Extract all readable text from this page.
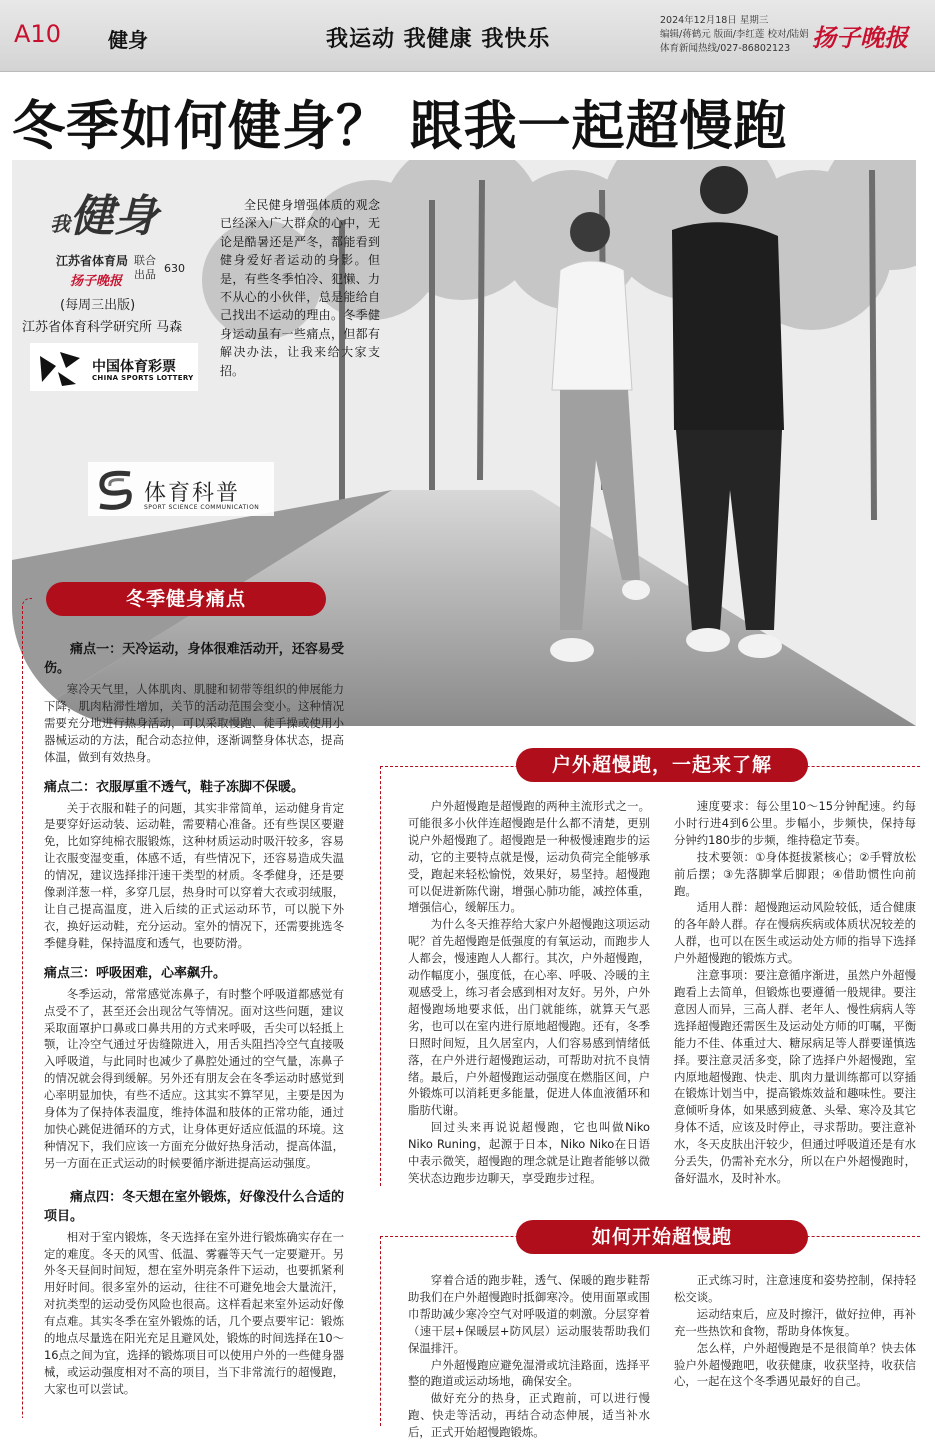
A10 健身	我运动 我健康 我快乐
2024年12月18日 星期三
编辑/蒋鹤元 版面/李红莲 校对/陆娟
体育新闻热线/027-86802123 扬子晚报
冬季如何健身？ 跟我一起超慢跑
我健身
江苏省体育局
扬子晚报
联合出品 630
(每周三出版)
江苏省体育科学研究所 马森
中国体育彩票
CHINA SPORTS LOTTERY
全民健身增强体质的观念已经深入广大群众的心中，无论是酷暑还是严冬，都能看到健身爱好者运动的身影。但是，有些冬季怕冷、犯懒、力不从心的小伙伴，总是能给自己找出不运动的理由。冬季健身运动虽有一些痛点，但都有解决办法，让我来给大家支招。
体育科普
SPORT SCIENCE COMMUNICATION
冬季健身痛点
痛点一：天冷运动，身体很难活动开，还容易受伤。

寒冷天气里，人体肌肉、肌腱和韧带等组织的伸展能力下降，肌肉粘滞性增加，关节的活动范围会变小。这种情况需要充分地进行热身活动，可以采取慢跑、徒手操或使用小器械运动的方法，配合动态拉伸，逐渐调整身体状态，提高体温，做到有效热身。

痛点二：衣服厚重不透气，鞋子冻脚不保暖。

关于衣服和鞋子的问题，其实非常简单，运动健身肯定是要穿好运动装、运动鞋，需要精心准备。还有些误区要避免，比如穿纯棉衣服锻炼，这种材质运动时吸汗较多，容易让衣服变湿变重，体感不适，有些情况下，还容易造成失温的情况，建议选择排汗速干类型的材质。冬季健身，还是要像剥洋葱一样，多穿几层，热身时可以穿着大衣或羽绒服，让自己提高温度，进入后续的正式运动环节，可以脱下外衣，换好运动鞋，充分运动。室外的情况下，还需要挑选冬季健身鞋，保持温度和透气，也要防滑。

痛点三：呼吸困难，心率飙升。

冬季运动，常常感觉冻鼻子，有时整个呼吸道都感觉有点受不了，甚至还会出现岔气等情况。面对这些问题，建议采取面罩护口鼻或口鼻共用的方式来呼吸，舌尖可以轻抵上颚，让冷空气通过牙齿缝隙进入，用舌头阻挡冷空气直接吸入呼吸道，与此同时也减少了鼻腔处通过的空气量，冻鼻子的情况就会得到缓解。另外还有朋友会在冬季运动时感觉到心率明显加快，有些不适应。这其实不算罕见，主要是因为身体为了保持体表温度，维持体温和肢体的正常功能，通过加快心跳促进循环的方式，让身体更好适应低温的环境。这种情况下，我们应该一方面充分做好热身活动，提高体温，另一方面在正式运动的时候要循序渐进提高运动强度。

痛点四：冬天想在室外锻炼，好像没什么合适的项目。

相对于室内锻炼，冬天选择在室外进行锻炼确实存在一定的难度。冬天的风雪、低温、雾霾等天气一定要避开。另外冬天昼间时间短，想在室外明亮条件下运动，也要抓紧利用好时间。很多室外的运动，往往不可避免地会大量流汗，对抗类型的运动受伤风险也很高。这样看起来室外运动好像有点难。其实冬季在室外锻炼的话，几个要点要牢记：锻炼的地点尽量选在阳光充足且避风处，锻炼的时间选择在10～16点之间为宜，选择的锻炼项目可以使用户外的一些健身器械，或运动强度相对不高的项目，当下非常流行的超慢跑，大家也可以尝试。

户外超慢跑，一起来了解

户外超慢跑是超慢跑的两种主流形式之一。可能很多小伙伴连超慢跑是什么都不清楚，更别说户外超慢跑了。超慢跑是一种极慢速跑步的运动，它的主要特点就是慢，运动负荷完全能够承受，跑起来轻松愉悦，效果好，易坚持。超慢跑可以促进新陈代谢，增强心肺功能，减控体重，增强信心，缓解压力。

为什么冬天推荐给大家户外超慢跑这项运动呢？首先超慢跑是低强度的有氧运动，而跑步人人都会，慢速跑人人都行。其次，户外超慢跑，动作幅度小，强度低，在心率、呼吸、冷暖的主观感受上，练习者会感到相对友好。另外，户外超慢跑场地要求低，出门就能练，就算天气恶劣，也可以在室内进行原地超慢跑。还有，冬季日照时间短，且久居室内，人们容易感到情绪低落，在户外进行超慢跑运动，可帮助对抗不良情绪。最后，户外超慢跑运动强度在燃脂区间，户外锻炼可以消耗更多能量，促进人体血液循环和脂肪代谢。

回过头来再说说超慢跑，它也叫做Niko Niko Runing，起源于日本，Niko Niko在日语中表示微笑，超慢跑的理念就是让跑者能够以微笑状态边跑步边聊天，享受跑步过程。

速度要求：每公里10～15分钟配速。约每小时行进4到6公里。步幅小，步频快，保持每分钟约180步的步频，维持稳定节奏。

技术要领：①身体挺拔紧核心；②手臂放松前后摆；③先落脚掌后脚跟；④借助惯性向前跑。

适用人群：超慢跑运动风险较低，适合健康的各年龄人群。存在慢病疾病或体质状况较差的人群，也可以在医生或运动处方师的指导下选择户外超慢跑的锻炼方式。

注意事项：要注意循序渐进，虽然户外超慢跑看上去简单，但锻炼也要遵循一般规律。要注意因人而异，三高人群、老年人、慢性病病人等选择超慢跑还需医生及运动处方师的叮嘱，平衡能力不佳、体重过大、糖尿病足等人群要谨慎选择。要注意灵活多变，除了选择户外超慢跑，室内原地超慢跑、快走、肌肉力量训练都可以穿插在锻炼计划当中，提高锻炼效益和趣味性。要注意倾听身体，如果感到疲惫、头晕、寒冷及其它身体不适，应该及时停止，寻求帮助。要注意补水，冬天皮肤出汗较少，但通过呼吸道还是有水分丢失，仍需补充水分，所以在户外超慢跑时，备好温水，及时补水。

如何开始超慢跑

穿着合适的跑步鞋，透气、保暖的跑步鞋帮助我们在户外超慢跑时抵御寒冷。使用面罩或围巾帮助减少寒冷空气对呼吸道的刺激。分层穿着（速干层+保暖层+防风层）运动服装帮助我们保温排汗。

户外超慢跑应避免湿滑或坑洼路面，选择平整的跑道或运动场地，确保安全。

做好充分的热身，正式跑前，可以进行慢跑、快走等活动，再结合动态伸展，适当补水后，正式开始超慢跑锻炼。

正式练习时，注意速度和姿势控制，保持轻松交谈。

运动结束后，应及时擦汗，做好拉伸，再补充一些热饮和食物，帮助身体恢复。

怎么样，户外超慢跑是不是很简单？快去体验户外超慢跑吧，收获健康，收获坚持，收获信心，一起在这个冬季遇见最好的自己。
